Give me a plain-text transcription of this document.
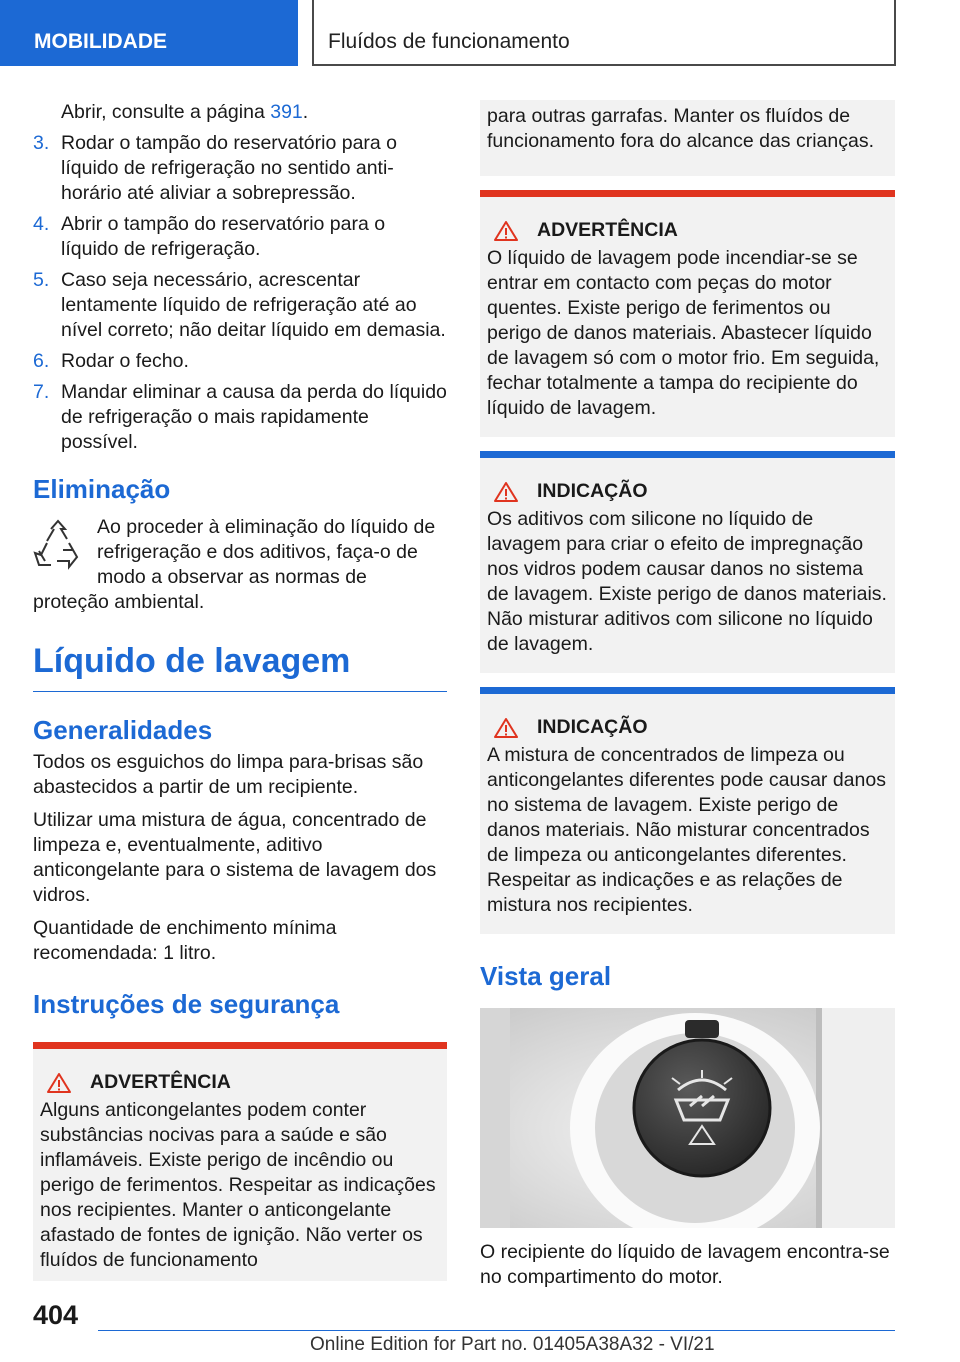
MOBILIDADE	Fluídos de funcionamento

Abrir, consulte a página 391.

3. Rodar o tampão do reservatório para o líquido de refrigeração no sentido anti-horário até aliviar a sobrepressão.
4. Abrir o tampão do reservatório para o líquido de refrigeração.
5. Caso seja necessário, acrescentar lentamente líquido de refrigeração até ao nível correto; não deitar líquido em demasia.
6. Rodar o fecho.
7. Mandar eliminar a causa da perda do líquido de refrigeração o mais rapidamente possível.
Eliminação

Ao proceder à eliminação do líquido de refrigeração e dos aditivos, faça-o de modo a observar as normas de proteção ambiental.

Líquido de lavagem
Generalidades

Todos os esguichos do limpa para-brisas são abastecidos a partir de um recipiente.

Utilizar uma mistura de água, concentrado de limpeza e, eventualmente, aditivo anticongelante para o sistema de lavagem dos vidros.

Quantidade de enchimento mínima recomendada: 1 litro.

Instruções de segurança
ADVERTÊNCIA

Alguns anticongelantes podem conter substâncias nocivas para a saúde e são inflamáveis. Existe perigo de incêndio ou perigo de ferimentos. Respeitar as indicações nos recipientes. Manter o anticongelante afastado de fontes de ignição. Não verter os fluídos de funcionamento

para outras garrafas. Manter os fluídos de funcionamento fora do alcance das crianças.

ADVERTÊNCIA

O líquido de lavagem pode incendiar-se se entrar em contacto com peças do motor quentes. Existe perigo de ferimentos ou perigo de danos materiais. Abastecer líquido de lavagem só com o motor frio. Em seguida, fechar totalmente a tampa do recipiente do líquido de lavagem.

INDICAÇÃO

Os aditivos com silicone no líquido de lavagem para criar o efeito de impregnação nos vidros podem causar danos no sistema de lavagem. Existe perigo de danos materiais. Não misturar aditivos com silicone no líquido de lavagem.

INDICAÇÃO

A mistura de concentrados de limpeza ou anticongelantes diferentes pode causar danos no sistema de lavagem. Existe perigo de danos materiais. Não misturar concentrados de limpeza ou anticongelantes diferentes. Respeitar as indicações e as relações de mistura nos recipientes.

Vista geral

O recipiente do líquido de lavagem encontra-se no compartimento do motor.

404
Online Edition for Part no. 01405A38A32 - VI/21
